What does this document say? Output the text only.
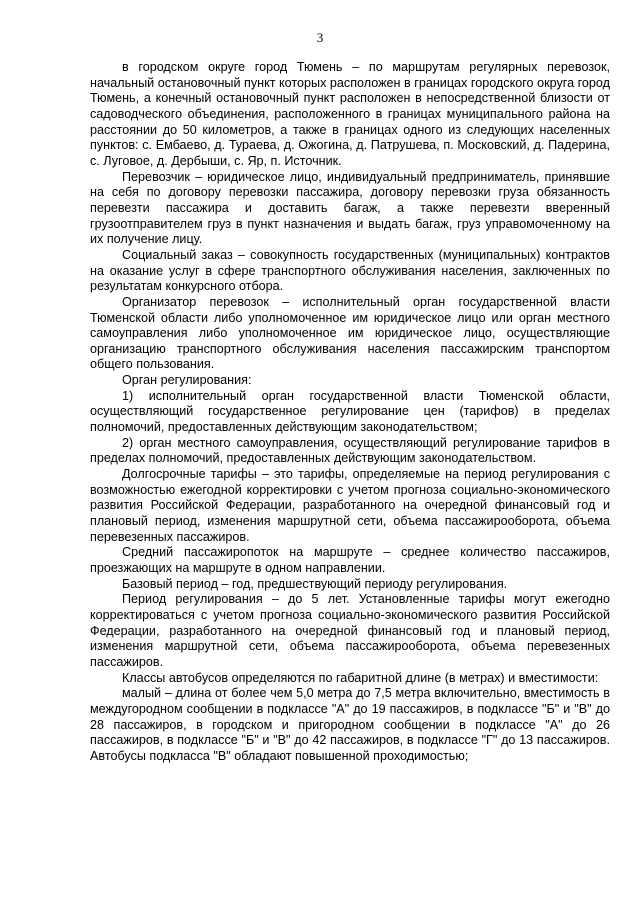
3

в городском округе город Тюмень – по маршрутам регулярных перевозок, начальный остановочный пункт которых расположен в границах городского округа город Тюмень, а конечный остановочный пункт расположен в непосредственной близости от садоводческого объединения, расположенного в границах муниципального района на расстоянии до 50 километров, а также в границах одного из следующих населенных пунктов: с. Ембаево, д. Тураева, д. Ожогина, д. Патрушева, п. Московский, д. Падерина, с. Луговое, д. Дербыши, с. Яр, п. Источник.

Перевозчик – юридическое лицо, индивидуальный предприниматель, принявшие на себя по договору перевозки пассажира, договору перевозки груза обязанность перевезти пассажира и доставить багаж, а также перевезти вверенный грузоотправителем груз в пункт назначения и выдать багаж, груз управомоченному на их получение лицу.

Социальный заказ – совокупность государственных (муниципальных) контрактов на оказание услуг в сфере транспортного обслуживания населения, заключенных по результатам конкурсного отбора.

Организатор перевозок – исполнительный орган государственной власти Тюменской области либо уполномоченное им юридическое лицо или орган местного самоуправления либо уполномоченное им юридическое лицо, осуществляющие организацию транспортного обслуживания населения пассажирским транспортом общего пользования.

Орган регулирования:

1) исполнительный орган государственной власти Тюменской области, осуществляющий государственное регулирование цен (тарифов) в пределах полномочий, предоставленных действующим законодательством;

2) орган местного самоуправления, осуществляющий регулирование тарифов в пределах полномочий, предоставленных действующим законодательством.

Долгосрочные тарифы – это тарифы, определяемые на период регулирования с возможностью ежегодной корректировки с учетом прогноза социально-экономического развития Российской Федерации, разработанного на очередной финансовый год и плановый период, изменения маршрутной сети, объема пассажирооборота, объема перевезенных пассажиров.

Средний пассажиропоток на маршруте – среднее количество пассажиров, проезжающих на маршруте в одном направлении.

Базовый период – год, предшествующий периоду регулирования.

Период регулирования – до 5 лет. Установленные тарифы могут ежегодно корректироваться с учетом прогноза социально-экономического развития Российской Федерации, разработанного на очередной финансовый год и плановый период, изменения маршрутной сети, объема пассажирооборота, объема перевезенных пассажиров.

Классы автобусов определяются по габаритной длине (в метрах) и вместимости:

малый – длина от более чем 5,0 метра до 7,5 метра включительно, вместимость в междугородном сообщении в подклассе "А" до 19 пассажиров, в подклассе "Б" и "В" до 28 пассажиров, в городском и пригородном сообщении в подклассе "А" до 26 пассажиров, в подклассе "Б" и "В" до 42 пассажиров, в подклассе "Г" до 13 пассажиров. Автобусы подкласса "В" обладают повышенной проходимостью;
